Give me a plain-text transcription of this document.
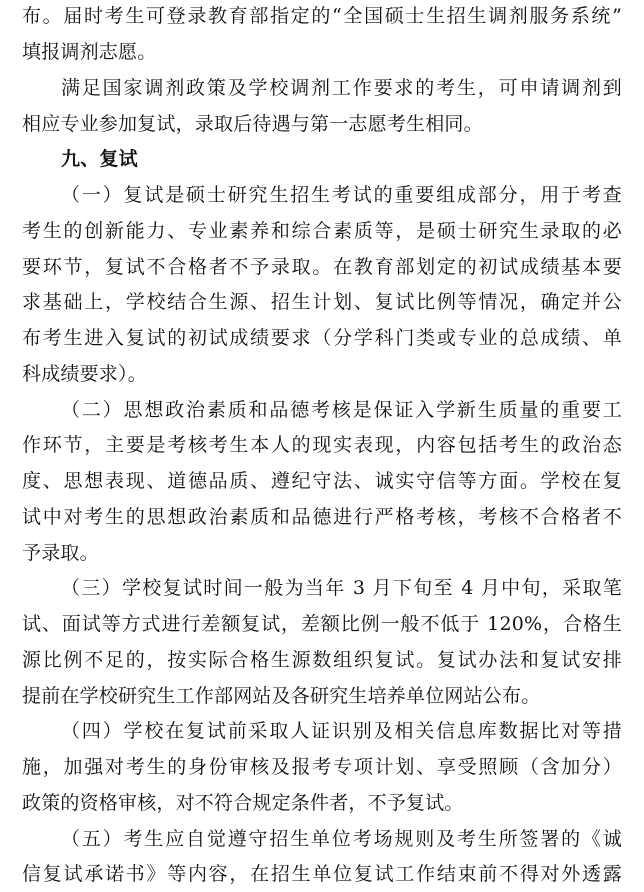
布。届时考生可登录教育部指定的“全国硕士生招生调剂服务系统”
填报调剂志愿。
满足国家调剂政策及学校调剂工作要求的考生，可申请调剂到
相应专业参加复试，录取后待遇与第一志愿考生相同。
九、复试
（一）复试是硕士研究生招生考试的重要组成部分，用于考查
考生的创新能力、专业素养和综合素质等，是硕士研究生录取的必
要环节，复试不合格者不予录取。在教育部划定的初试成绩基本要
求基础上，学校结合生源、招生计划、复试比例等情况，确定并公
布考生进入复试的初试成绩要求（分学科门类或专业的总成绩、单
科成绩要求）。
（二）思想政治素质和品德考核是保证入学新生质量的重要工
作环节，主要是考核考生本人的现实表现，内容包括考生的政治态
度、思想表现、道德品质、遵纪守法、诚实守信等方面。学校在复
试中对考生的思想政治素质和品德进行严格考核，考核不合格者不
予录取。
（三）学校复试时间一般为当年 3 月下旬至 4 月中旬，采取笔
试、面试等方式进行差额复试，差额比例一般不低于 120%，合格生
源比例不足的，按实际合格生源数组织复试。复试办法和复试安排
提前在学校研究生工作部网站及各研究生培养单位网站公布。
（四）学校在复试前采取人证识别及相关信息库数据比对等措
施，加强对考生的身份审核及报考专项计划、享受照顾（含加分）
政策的资格审核，对不符合规定条件者，不予复试。
（五）考生应自觉遵守招生单位考场规则及考生所签署的《诚
信复试承诺书》等内容，在招生单位复试工作结束前不得对外透露
